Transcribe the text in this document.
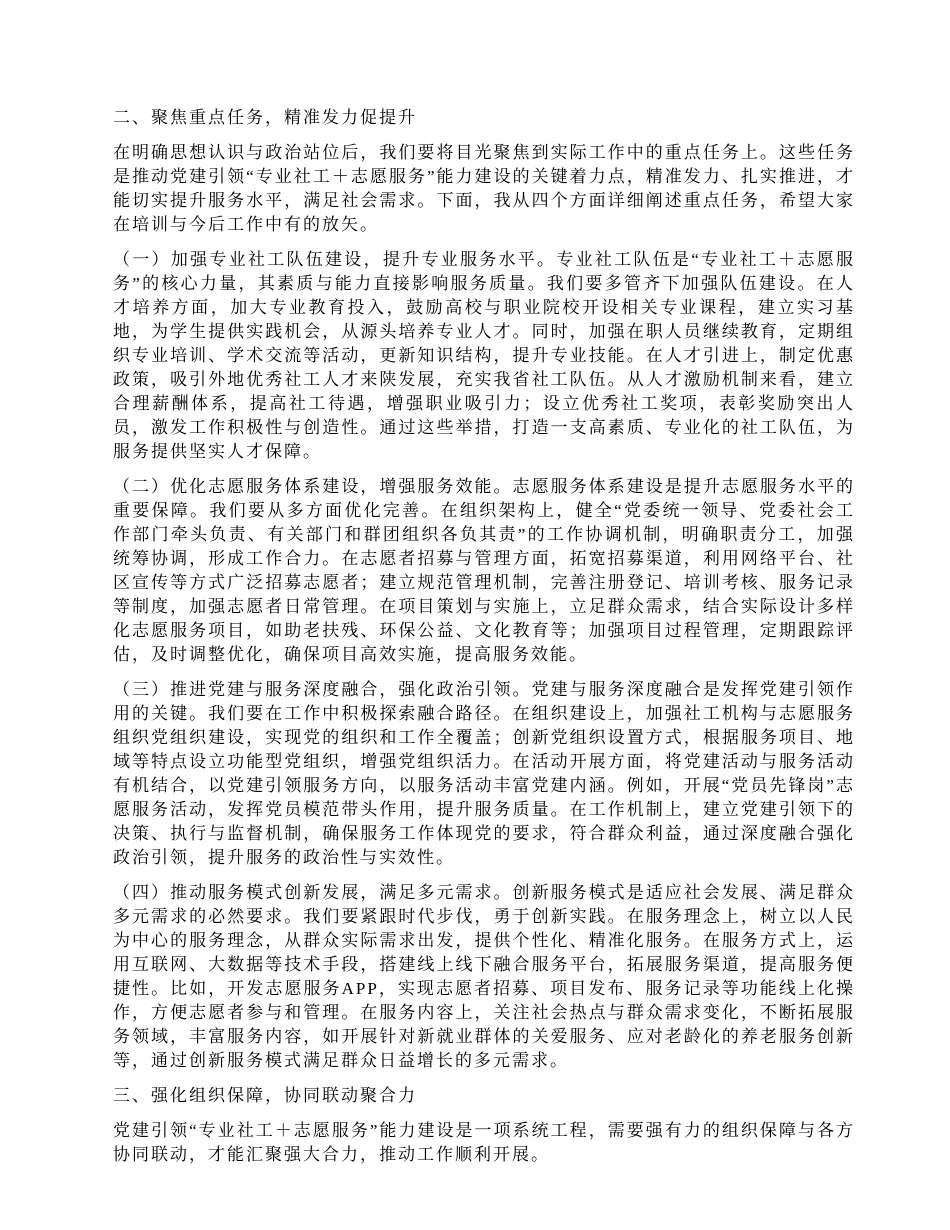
二、聚焦重点任务，精准发力促提升

在明确思想认识与政治站位后，我们要将目光聚焦到实际工作中的重点任务上。这些任务是推动党建引领“专业社工＋志愿服务”能力建设的关键着力点，精准发力、扎实推进，才能切实提升服务水平，满足社会需求。下面，我从四个方面详细阐述重点任务，希望大家在培训与今后工作中有的放矢。

（一）加强专业社工队伍建设，提升专业服务水平。专业社工队伍是“专业社工＋志愿服务”的核心力量，其素质与能力直接影响服务质量。我们要多管齐下加强队伍建设。在人才培养方面，加大专业教育投入，鼓励高校与职业院校开设相关专业课程，建立实习基地，为学生提供实践机会，从源头培养专业人才。同时，加强在职人员继续教育，定期组织专业培训、学术交流等活动，更新知识结构，提升专业技能。在人才引进上，制定优惠政策，吸引外地优秀社工人才来陕发展，充实我省社工队伍。从人才激励机制来看，建立合理薪酬体系，提高社工待遇，增强职业吸引力；设立优秀社工奖项，表彰奖励突出人员，激发工作积极性与创造性。通过这些举措，打造一支高素质、专业化的社工队伍，为服务提供坚实人才保障。

（二）优化志愿服务体系建设，增强服务效能。志愿服务体系建设是提升志愿服务水平的重要保障。我们要从多方面优化完善。在组织架构上，健全“党委统一领导、党委社会工作部门牵头负责、有关部门和群团组织各负其责”的工作协调机制，明确职责分工，加强统筹协调，形成工作合力。在志愿者招募与管理方面，拓宽招募渠道，利用网络平台、社区宣传等方式广泛招募志愿者；建立规范管理机制，完善注册登记、培训考核、服务记录等制度，加强志愿者日常管理。在项目策划与实施上，立足群众需求，结合实际设计多样化志愿服务项目，如助老扶残、环保公益、文化教育等；加强项目过程管理，定期跟踪评估，及时调整优化，确保项目高效实施，提高服务效能。

（三）推进党建与服务深度融合，强化政治引领。党建与服务深度融合是发挥党建引领作用的关键。我们要在工作中积极探索融合路径。在组织建设上，加强社工机构与志愿服务组织党组织建设，实现党的组织和工作全覆盖；创新党组织设置方式，根据服务项目、地域等特点设立功能型党组织，增强党组织活力。在活动开展方面，将党建活动与服务活动有机结合，以党建引领服务方向，以服务活动丰富党建内涵。例如，开展“党员先锋岗”志愿服务活动，发挥党员模范带头作用，提升服务质量。在工作机制上，建立党建引领下的决策、执行与监督机制，确保服务工作体现党的要求，符合群众利益，通过深度融合强化政治引领，提升服务的政治性与实效性。

（四）推动服务模式创新发展，满足多元需求。创新服务模式是适应社会发展、满足群众多元需求的必然要求。我们要紧跟时代步伐，勇于创新实践。在服务理念上，树立以人民为中心的服务理念，从群众实际需求出发，提供个性化、精准化服务。在服务方式上，运用互联网、大数据等技术手段，搭建线上线下融合服务平台，拓展服务渠道，提高服务便捷性。比如，开发志愿服务APP，实现志愿者招募、项目发布、服务记录等功能线上化操作，方便志愿者参与和管理。在服务内容上，关注社会热点与群众需求变化，不断拓展服务领域，丰富服务内容，如开展针对新就业群体的关爱服务、应对老龄化的养老服务创新等，通过创新服务模式满足群众日益增长的多元需求。

三、强化组织保障，协同联动聚合力

党建引领“专业社工＋志愿服务”能力建设是一项系统工程，需要强有力的组织保障与各方协同联动，才能汇聚强大合力，推动工作顺利开展。
